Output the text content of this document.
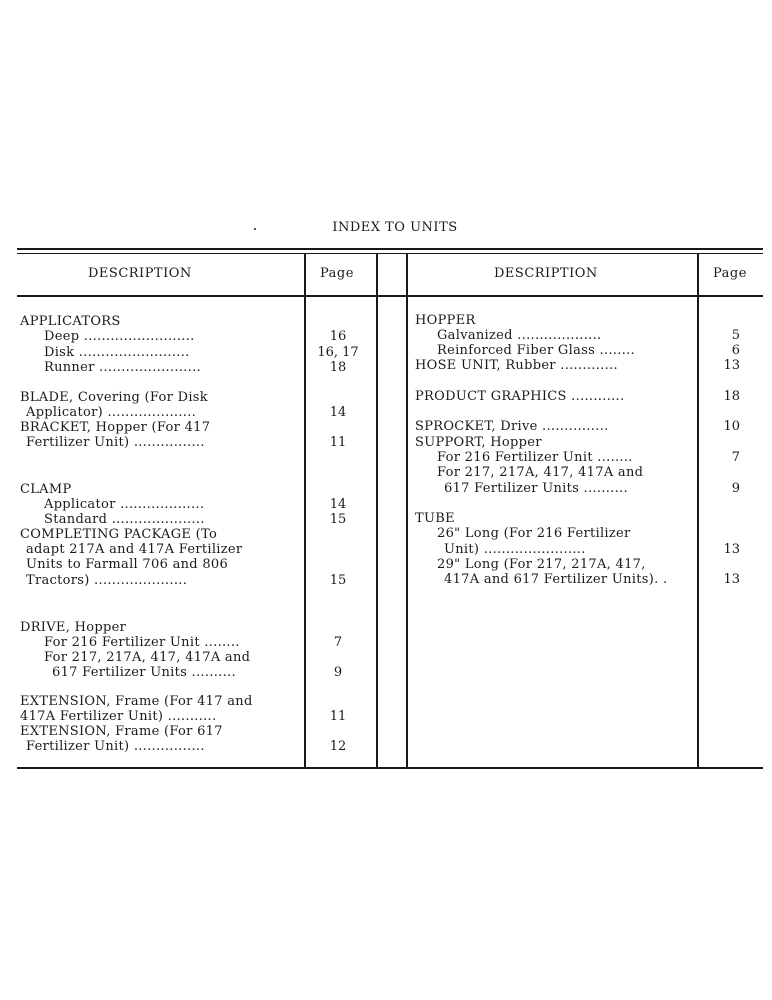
INDEX TO UNITS
DESCRIPTION	Page	DESCRIPTION	Page
APPLICATORS
Deep .........................	16
Disk .........................	16, 17
Runner .......................	18
BLADE, Covering (For Disk
Applicator) ....................	14
BRACKET, Hopper (For 417
Fertilizer Unit) ................	11
CLAMP
Applicator ...................	14
Standard .....................	15
COMPLETING PACKAGE (To
adapt 217A and 417A Fertilizer
Units to Farmall 706 and 806
Tractors) .....................	15
DRIVE, Hopper
For 216 Fertilizer Unit ........	7
For 217, 217A, 417, 417A and
617 Fertilizer Units ..........	9
EXTENSION, Frame (For 417 and
417A Fertilizer Unit) ...........	11
EXTENSION, Frame (For 617
Fertilizer Unit) ................	12
HOPPER
Galvanized ...................	5
Reinforced Fiber Glass ........	6
HOSE UNIT, Rubber .............	13
PRODUCT GRAPHICS ............	18
SPROCKET, Drive ...............	10
SUPPORT, Hopper
For 216 Fertilizer Unit ........	7
For 217, 217A, 417, 417A and
617 Fertilizer Units ..........	9
TUBE
26" Long (For 216 Fertilizer
Unit) .......................	13
29" Long (For 217, 217A, 417,
417A and 617 Fertilizer Units). .	13
